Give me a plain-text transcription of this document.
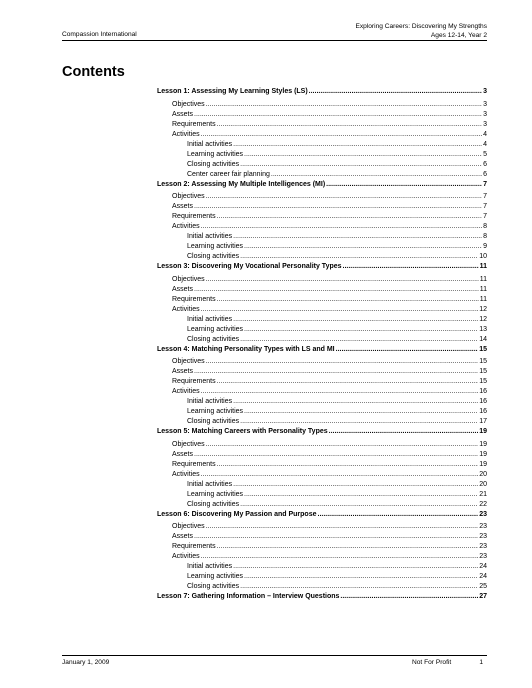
Compassion International
Exploring Careers: Discovering My Strengths
Ages 12-14, Year 2
Contents
Lesson 1: Assessing My Learning Styles (LS) .....	3
Objectives .....	3
Assets .....	3
Requirements .....	3
Activities .....	4
Initial activities .....	4
Learning activities .....	5
Closing activities .....	6
Center career fair planning .....	6
Lesson 2: Assessing My Multiple Intelligences (MI) .....	7
Objectives .....	7
Assets .....	7
Requirements .....	7
Activities .....	8
Initial activities .....	8
Learning activities .....	9
Closing activities .....	10
Lesson 3: Discovering My Vocational Personality Types .....	11
Objectives .....	11
Assets .....	11
Requirements .....	11
Activities .....	12
Initial activities .....	12
Learning activities .....	13
Closing activities .....	14
Lesson 4: Matching Personality Types with LS and MI .....	15
Objectives .....	15
Assets .....	15
Requirements .....	15
Activities .....	16
Initial activities .....	16
Learning activities .....	16
Closing activities .....	17
Lesson 5: Matching Careers with Personality Types .....	19
Objectives .....	19
Assets .....	19
Requirements .....	19
Activities .....	20
Initial activities .....	20
Learning activities .....	21
Closing activities .....	22
Lesson 6: Discovering My Passion and Purpose .....	23
Objectives .....	23
Assets .....	23
Requirements .....	23
Activities .....	23
Initial activities .....	24
Learning activities .....	24
Closing activities .....	25
Lesson 7: Gathering Information – Interview Questions .....	27
January 1, 2009	Not For Profit	1
